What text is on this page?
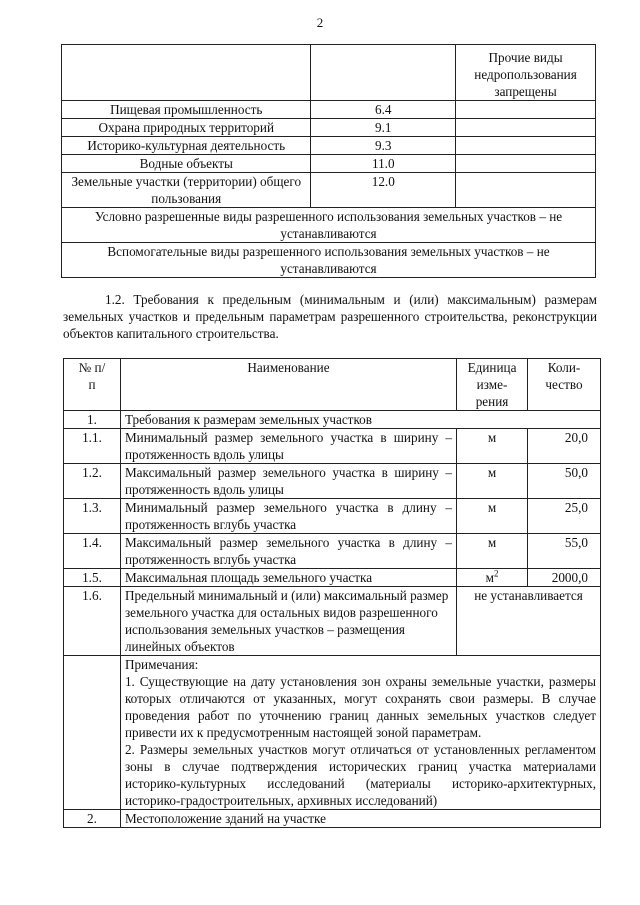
2
		Прочие виды недропользования запрещены
Пищевая промышленность	6.4	
Охрана природных территорий	9.1	
Историко-культурная деятельность	9.3	
Водные объекты	11.0	
Земельные участки (территории) общего пользования	12.0	
Условно разрешенные виды разрешенного использования земельных участков – не устанавливаются		
Вспомогательные виды разрешенного использования земельных участков – не устанавливаются		
1.2. Требования к предельным (минимальным и (или) максимальным) размерам земельных участков и предельным параметрам разрешенного строительства, реконструкции объектов капитального строительства.
№ п/п	Наименование	Единица изме- рения	Коли- чество
1.	Требования к размерам земельных участков		
1.1.	Минимальный размер земельного участка в ширину – протяженность вдоль улицы	м	20,0
1.2.	Максимальный размер земельного участка в ширину – протяженность вдоль улицы	м	50,0
1.3.	Минимальный размер земельного участка в длину – протяженность вглубь участка	м	25,0
1.4.	Максимальный размер земельного участка в длину – протяженность вглубь участка	м	55,0
1.5.	Максимальная площадь земельного участка	$м^2$	2000,0
1.6.	Предельный минимальный и (или) максимальный размер земельного участка для остальных видов разрешенного использования земельных участков – размещения линейных объектов	не устанавливается	

	Примечания:
1. Существующие на дату установления зон охраны земельные участки, размеры которых отличаются от указанных, могут сохранять свои размеры. В случае проведения работ по уточнению границ данных земельных участков следует привести их к предусмотренным настоящей зоной параметрам.
2. Размеры земельных участков могут отличаться от установленных регламентом зоны в случае подтверждения исторических границ участка материалами историко-культурных исследований (материалы историко-архитектурных, историко-градостроительных, архивных исследований)		

2.	Местоположение зданий на участке		
